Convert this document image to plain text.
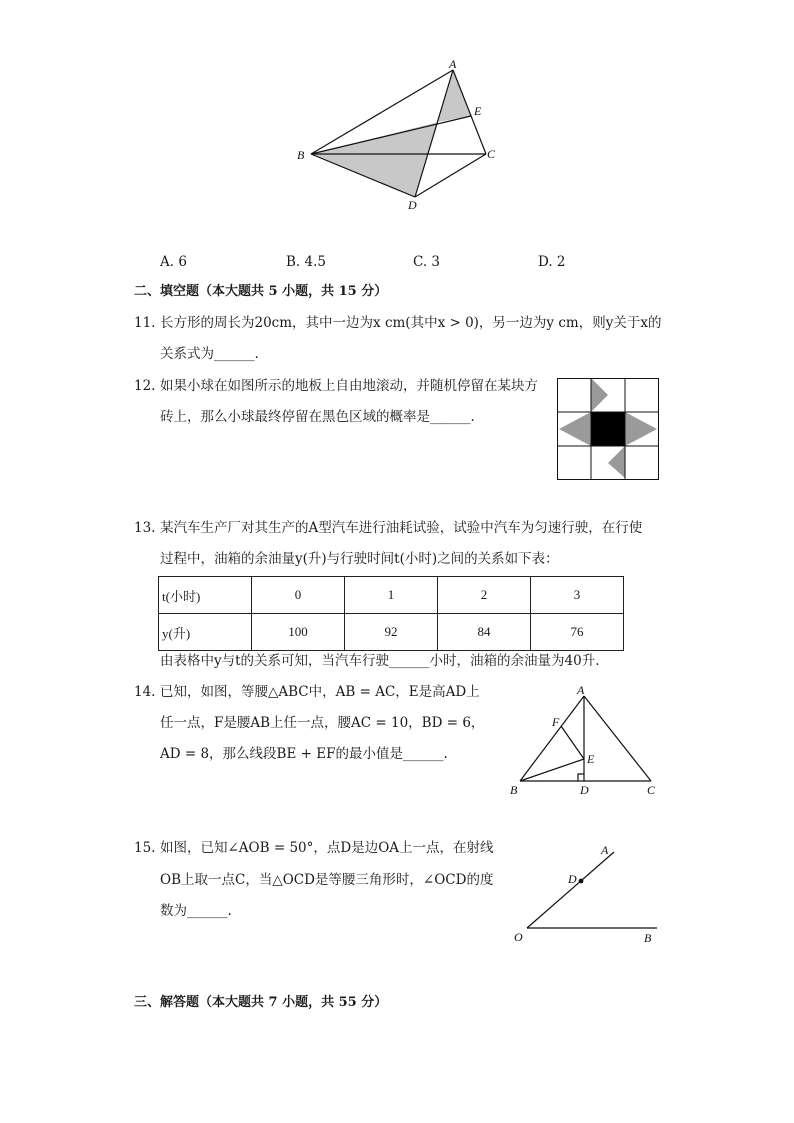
A
E
B	C
D
A. 6	B. 4.5	C. 3	D. 2
二、填空题（本大题共 5 小题，共 15 分）
11. 长方形的周长为20cm，其中一边为x cm(其中x > 0)，另一边为y cm，则y关于x的
关系式为______.
12. 如果小球在如图所示的地板上自由地滚动，并随机停留在某块方
砖上，那么小球最终停留在黑色区域的概率是______.
13. 某汽车生产厂对其生产的A型汽车进行油耗试验，试验中汽车为匀速行驶，在行使
过程中，油箱的余油量y(升)与行驶时间t(小时)之间的关系如下表：
t(小时)	0	1	2	3
y(升)	100	92	84	76
由表格中y与t的关系可知，当汽车行驶______小时，油箱的余油量为40升.
14. 已知，如图，等腰△ABC中，AB = AC，E是高AD上
任一点，F是腰AB上任一点，腰AC = 10，BD = 6，
AD = 8，那么线段BE + EF的最小值是______.
A
F
E
B	D	C
15. 如图，已知∠AOB = 50°，点D是边OA上一点，在射线
OB上取一点C，当△OCD是等腰三角形时，∠OCD的度
数为______.
A
D
O	B
三、解答题（本大题共 7 小题，共 55 分）
